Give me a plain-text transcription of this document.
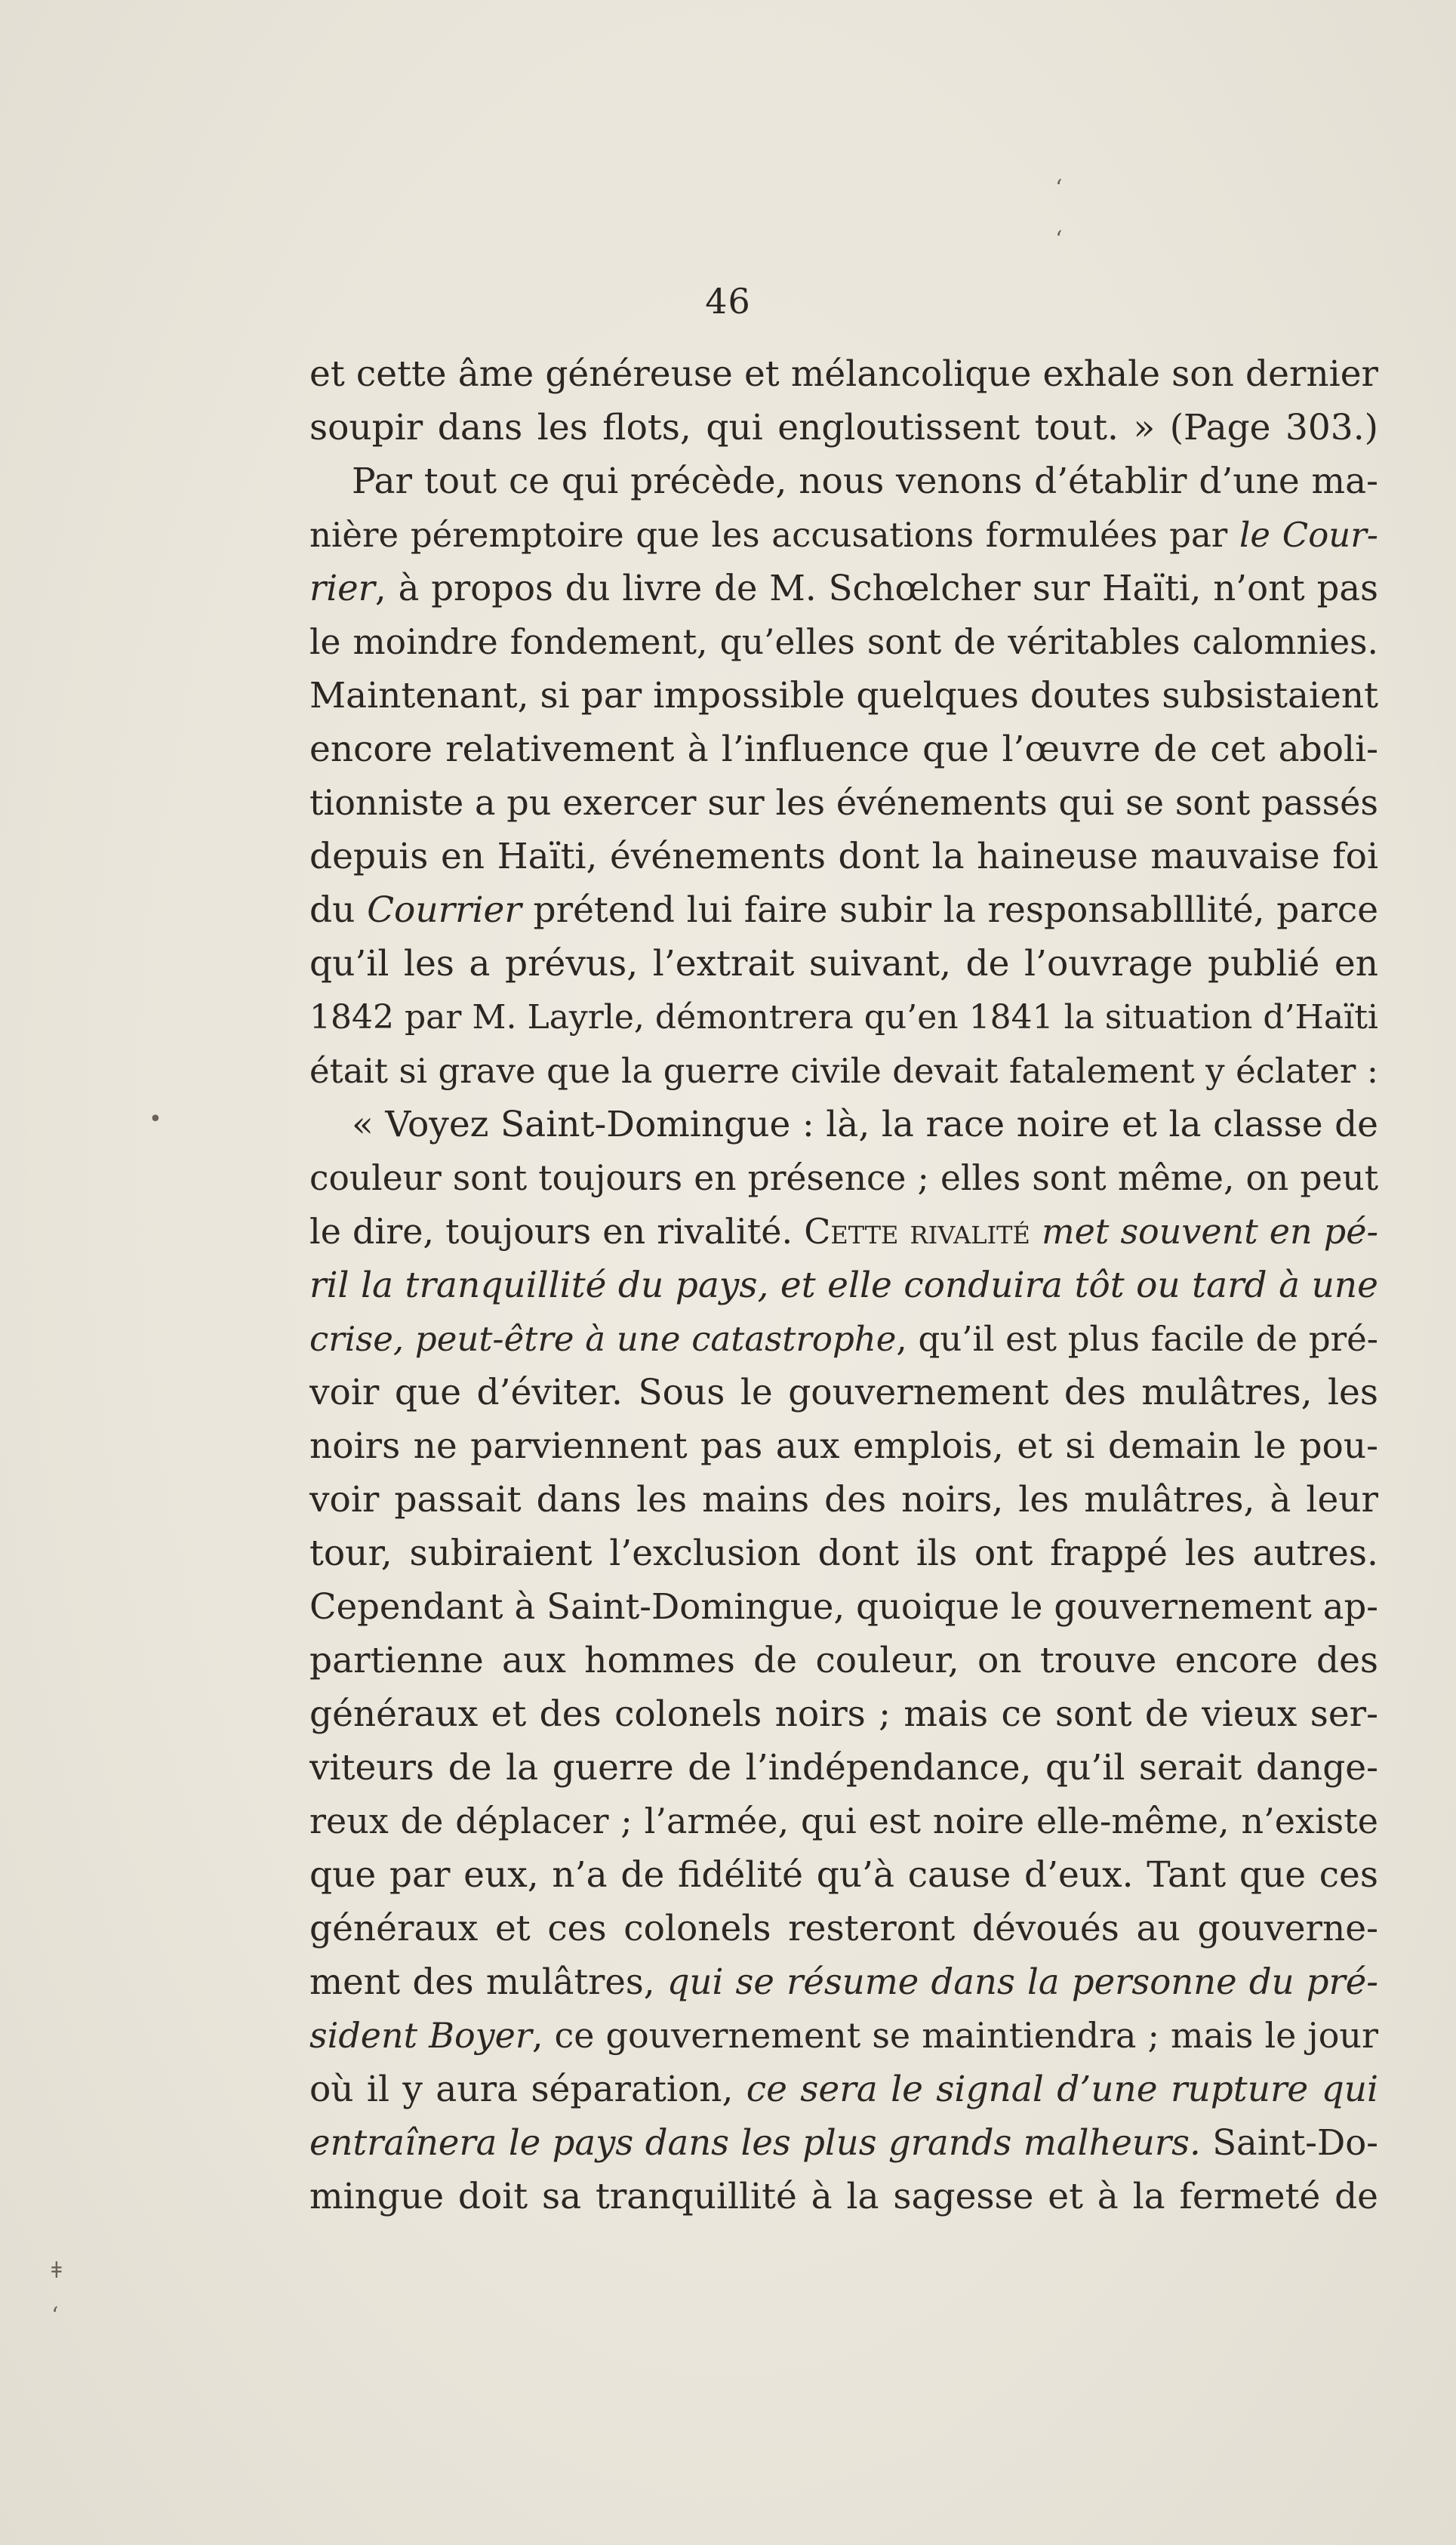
ʻ
ʻ
•
ǂ
ʻ
46
et cette âme généreuse et mélancolique exhale son dernier
soupir dans les flots, qui engloutissent tout. » (Page 303.)
Par tout ce qui précède, nous venons d’établir d’une ma-
nière péremptoire que les accusations formulées par le Cour-
rier, à propos du livre de M. Schœlcher sur Haïti, n’ont pas
le moindre fondement, qu’elles sont de véritables calomnies.
Maintenant, si par impossible quelques doutes subsistaient
encore relativement à l’influence que l’œuvre de cet aboli-
tionniste a pu exercer sur les événements qui se sont passés
depuis en Haïti, événements dont la haineuse mauvaise foi
du Courrier prétend lui faire subir la responsablllité, parce
qu’il les a prévus, l’extrait suivant, de l’ouvrage publié en
1842 par M. Layrle, démontrera qu’en 1841 la situation d’Haïti
était si grave que la guerre civile devait fatalement y éclater :
« Voyez Saint-Domingue : là, la race noire et la classe de
couleur sont toujours en présence ; elles sont même, on peut
le dire, toujours en rivalité. Cette rivalité met souvent en pé-
ril la tranquillité du pays, et elle conduira tôt ou tard à une
crise, peut-être à une catastrophe, qu’il est plus facile de pré-
voir que d’éviter. Sous le gouvernement des mulâtres, les
noirs ne parviennent pas aux emplois, et si demain le pou-
voir passait dans les mains des noirs, les mulâtres, à leur
tour, subiraient l’exclusion dont ils ont frappé les autres.
Cependant à Saint-Domingue, quoique le gouvernement ap-
partienne aux hommes de couleur, on trouve encore des
généraux et des colonels noirs ; mais ce sont de vieux ser-
viteurs de la guerre de l’indépendance, qu’il serait dange-
reux de déplacer ; l’armée, qui est noire elle-même, n’existe
que par eux, n’a de fidélité qu’à cause d’eux. Tant que ces
généraux et ces colonels resteront dévoués au gouverne-
ment des mulâtres, qui se résume dans la personne du pré-
sident Boyer, ce gouvernement se maintiendra ; mais le jour
où il y aura séparation, ce sera le signal d’une rupture qui
entraînera le pays dans les plus grands malheurs. Saint-Do-
mingue doit sa tranquillité à la sagesse et à la fermeté de
